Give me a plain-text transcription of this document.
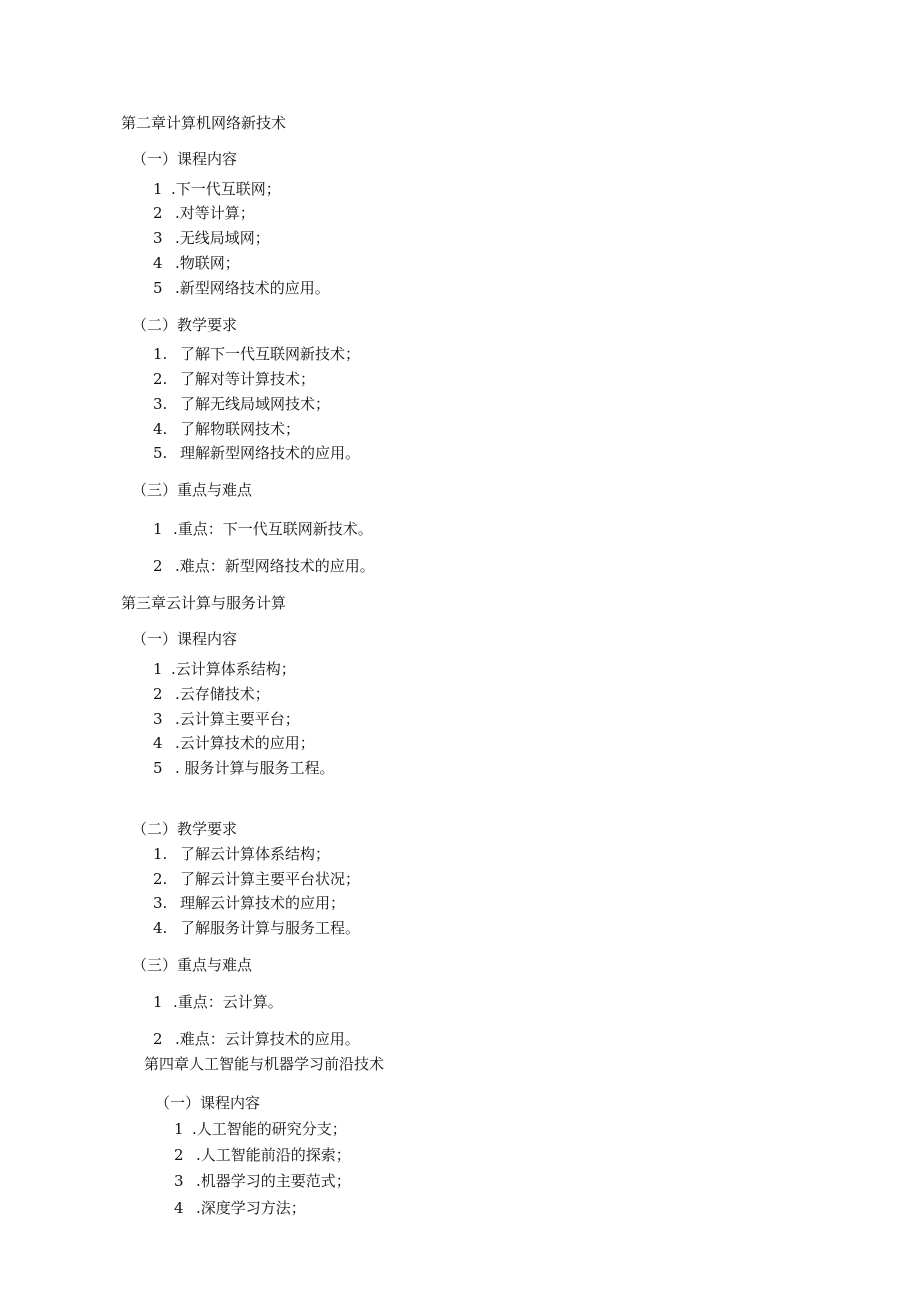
第二章计算机网络新技术
（一）课程内容
1 .下一代互联网；
2 .对等计算；
3 .无线局域网；
4 .物联网；
5 .新型网络技术的应用。
（二）教学要求
1. 了解下一代互联网新技术；
2. 了解对等计算技术；
3. 了解无线局域网技术；
4. 了解物联网技术；
5. 理解新型网络技术的应用。
（三）重点与难点
1 .重点：下一代互联网新技术。
2 .难点：新型网络技术的应用。
第三章云计算与服务计算
（一）课程内容
1 .云计算体系结构；
2 .云存储技术；
3 .云计算主要平台；
4 .云计算技术的应用；
5 . 服务计算与服务工程。
（二）教学要求
1. 了解云计算体系结构；
2. 了解云计算主要平台状况；
3. 理解云计算技术的应用；
4. 了解服务计算与服务工程。
（三）重点与难点
1 .重点：云计算。
2 .难点：云计算技术的应用。
第四章人工智能与机器学习前沿技术
（一）课程内容
1 .人工智能的研究分支；
2 .人工智能前沿的探索；
3 .机器学习的主要范式；
4 .深度学习方法；
